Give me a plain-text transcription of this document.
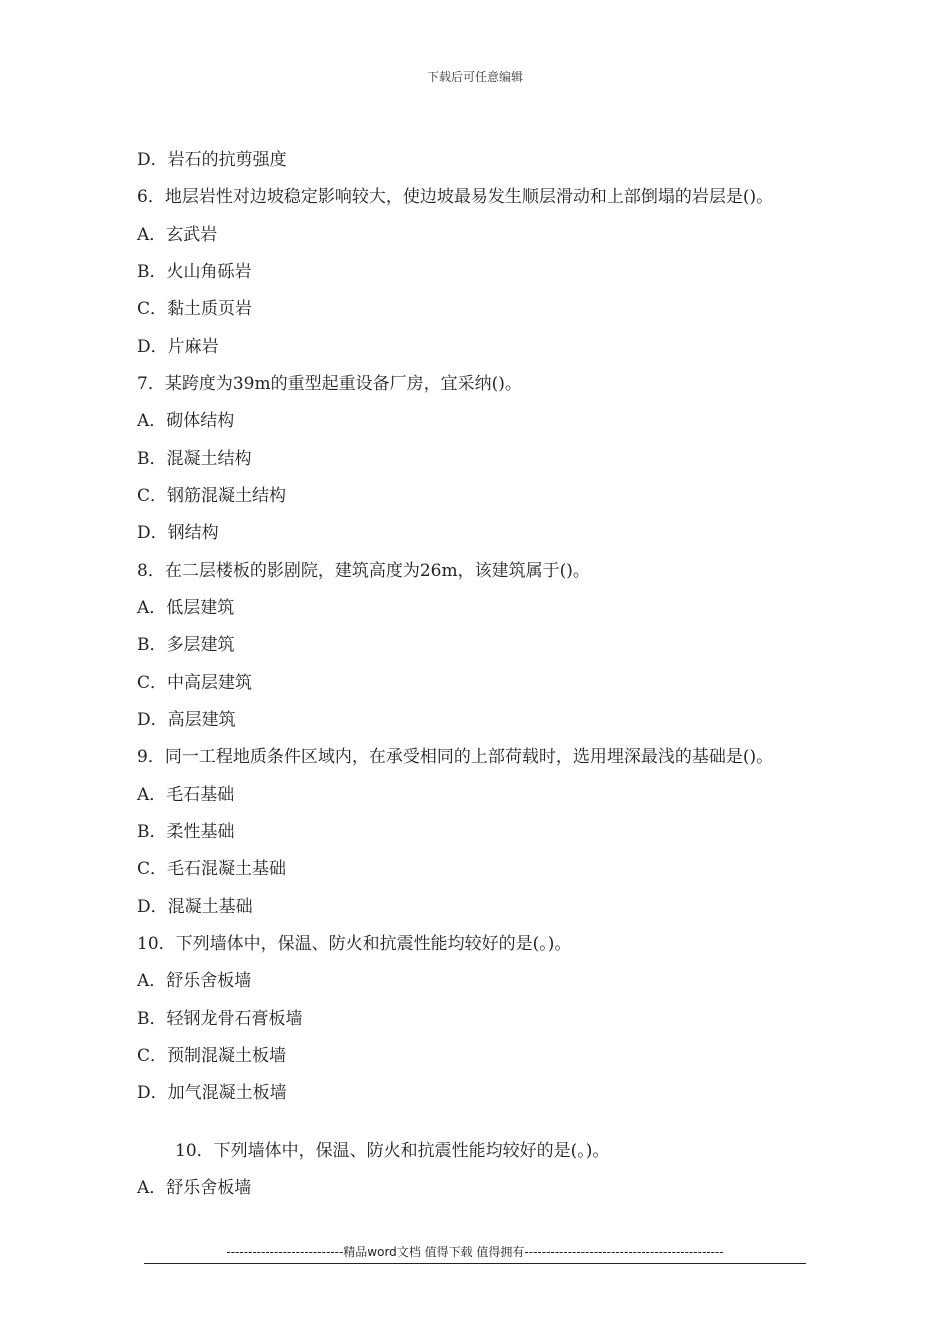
下载后可任意编辑
D．岩石的抗剪强度
6．地层岩性对边坡稳定影响较大，使边坡最易发生顺层滑动和上部倒塌的岩层是()。
A．玄武岩
B．火山角砾岩
C．黏土质页岩
D．片麻岩
7．某跨度为39m的重型起重设备厂房，宜采纳()。
A．砌体结构
B．混凝土结构
C．钢筋混凝土结构
D．钢结构
8．在二层楼板的影剧院，建筑高度为26m，该建筑属于()。
A．低层建筑
B．多层建筑
C．中高层建筑
D．高层建筑
9．同一工程地质条件区域内，在承受相同的上部荷载时，选用埋深最浅的基础是()。
A．毛石基础
B．柔性基础
C．毛石混凝土基础
D．混凝土基础
10．下列墙体中，保温、防火和抗震性能均较好的是(。)。
A．舒乐舍板墙
B．轻钢龙骨石膏板墙
C．预制混凝土板墙
D．加气混凝土板墙
10．下列墙体中，保温、防火和抗震性能均较好的是(。)。
A．舒乐舍板墙
---------------------------精品word文档 值得下载 值得拥有----------------------------------------------
